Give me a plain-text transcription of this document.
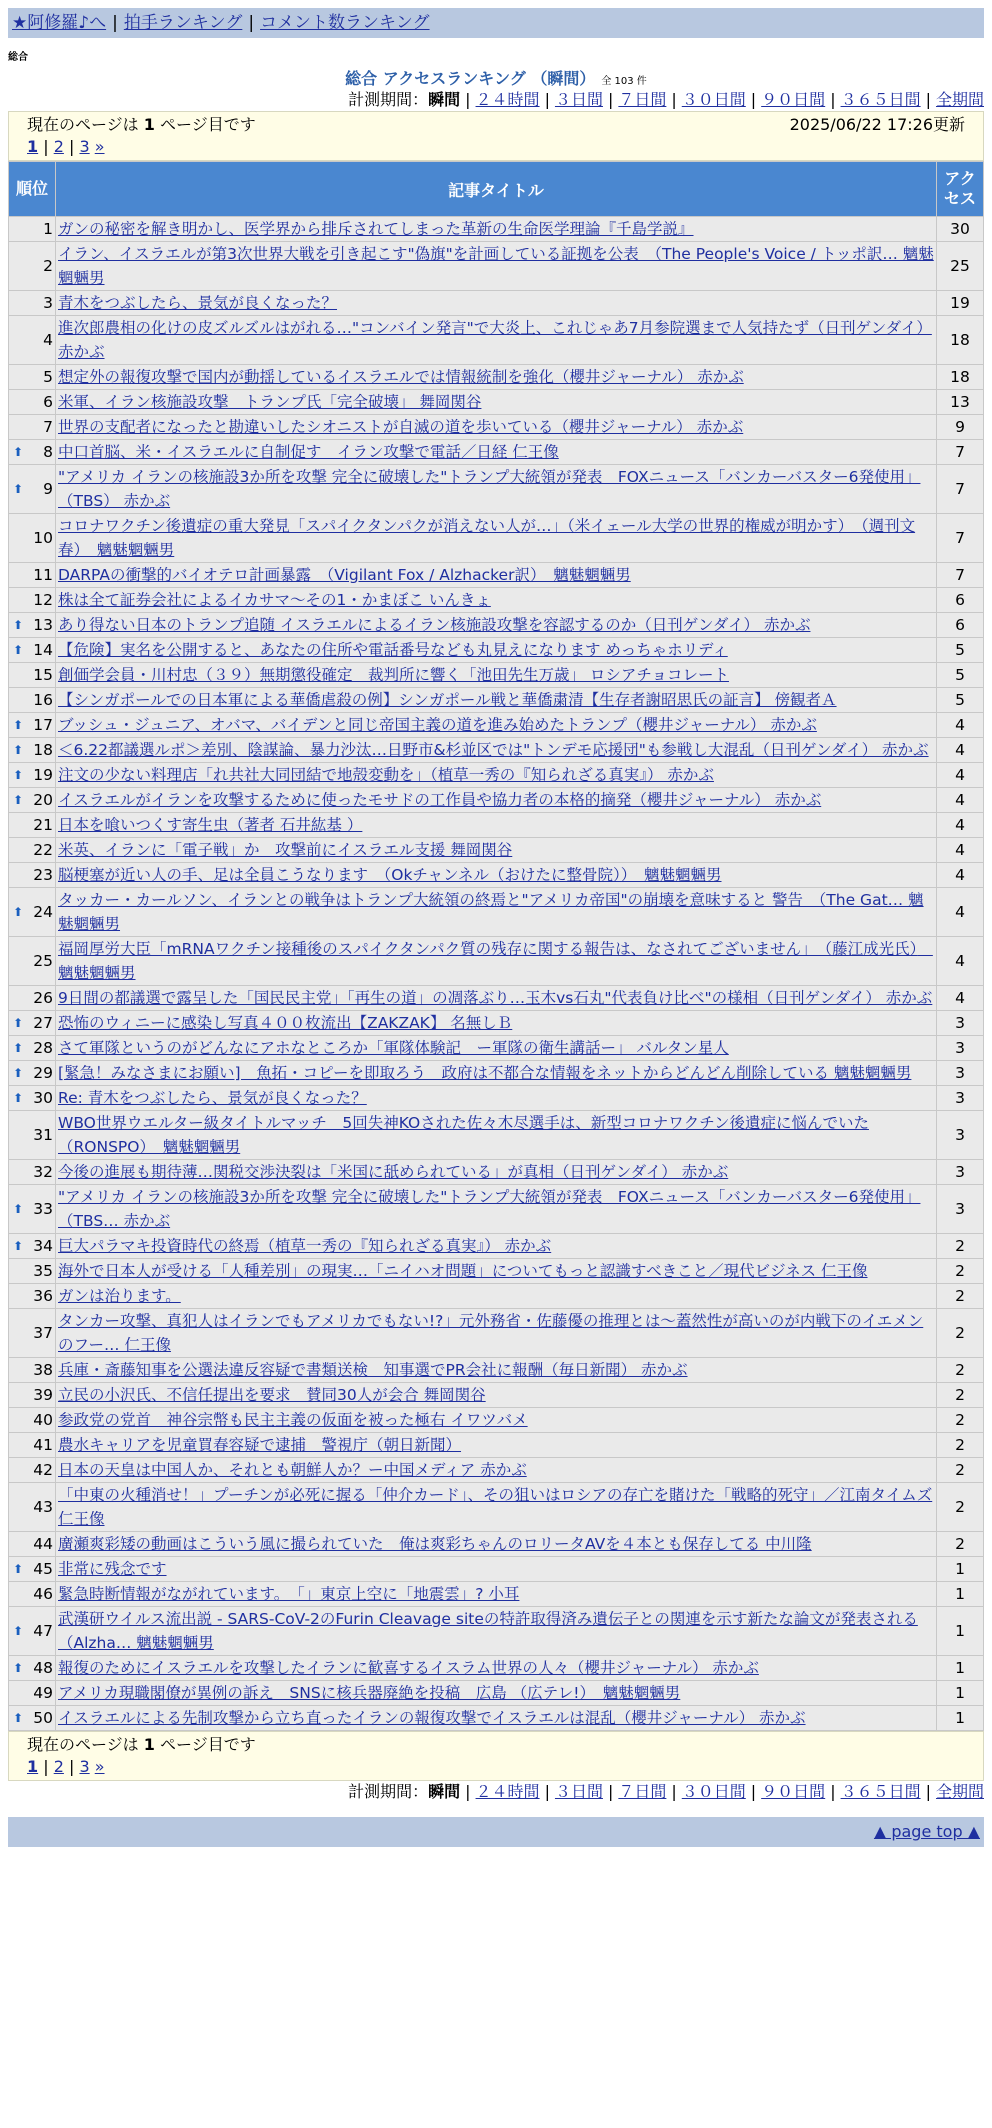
★阿修羅♪へ | 拍手ランキング | コメント数ランキング
総合
総合 アクセスランキング （瞬間） 全 103 件
計測期間：瞬間 | ２４時間 | ３日間 | ７日間 | ３０日間 | ９０日間 | ３６５日間 | 全期間
現在のページは 1 ページ目です	2025/06/22 17:26更新
1 | 2 | 3 »
順位	記事タイトル	アクセス
1	ガンの秘密を解き明かし、医学界から排斥されてしまった革新の生命医学理論『千島学説』	30
2	イラン、イスラエルが第3次世界大戦を引き起こす"偽旗"を計画している証拠を公表　（The People's Voice / トッポ訳… 魑魅魍魎男	25
3	青木をつぶしたら、景気が良くなった？	19
4	進次郎農相の化けの皮ズルズルはがれる…"コンバイン発言"で大炎上、これじゃあ7月参院選まで人気持たず（日刊ゲンダイ） 赤かぶ	18
5	想定外の報復攻撃で国内が動揺しているイスラエルでは情報統制を強化（櫻井ジャーナル） 赤かぶ	18
6	米軍、イラン核施設攻撃　トランプ氏「完全破壊」 舞岡関谷	13
7	世界の支配者になったと勘違いしたシオニストが自滅の道を歩いている（櫻井ジャーナル） 赤かぶ	9

⬆ 8	中口首脳、米・イスラエルに自制促す　イラン攻撃で電話／日経 仁王像	7

⬆ 9	"アメリカ イランの核施設3か所を攻撃 完全に破壊した"トランプ大統領が発表　FOXニュース「バンカーバスター6発使用」（TBS） 赤かぶ	7
10	コロナワクチン後遺症の重大発見「スパイクタンパクが消えない人が…」（米イェール大学の世界的権威が明かす）　（週刊文春）　魑魅魍魎男	7
11	DARPAの衝撃的バイオテロ計画暴露　（Vigilant Fox / Alzhacker訳）　魑魅魍魎男	7
12	株は全て証券会社によるイカサマ～その1・かまぼこ いんきょ	6

⬆ 13	あり得ない日本のトランプ追随 イスラエルによるイラン核施設攻撃を容認するのか（日刊ゲンダイ） 赤かぶ	6

⬆ 14	【危険】実名を公開すると、あなたの住所や電話番号なども丸見えになります めっちゃホリディ	5
15	創価学会員・川村忠（３９）無期懲役確定　裁判所に響く「池田先生万歳」 ロシアチョコレート	5
16	【シンガポールでの日本軍による華僑虐殺の例】シンガポール戦と華僑粛清【生存者謝昭思氏の証言】 傍観者Ａ	5

⬆ 17	ブッシュ・ジュニア、オバマ、バイデンと同じ帝国主義の道を進み始めたトランプ（櫻井ジャーナル） 赤かぶ	4

⬆ 18	＜6.22都議選ルポ＞差別、陰謀論、暴力沙汰…日野市&杉並区では"トンデモ応援団"も参戦し大混乱（日刊ゲンダイ） 赤かぶ	4

⬆ 19	注文の少ない料理店「れ共社大同団結で地殻変動を」（植草一秀の『知られざる真実』） 赤かぶ	4

⬆ 20	イスラエルがイランを攻撃するために使ったモサドの工作員や協力者の本格的摘発（櫻井ジャーナル） 赤かぶ	4
21	日本を喰いつくす寄生虫（著者 石井紘基 ）	4
22	米英、イランに「電子戦」か　攻撃前にイスラエル支援 舞岡関谷	4
23	脳梗塞が近い人の手、足は全員こうなります　（Okチャンネル（おけたに整骨院））　魑魅魍魎男	4

⬆ 24	タッカー・カールソン、イランとの戦争はトランプ大統領の終焉と"アメリカ帝国"の崩壊を意味すると 警告　（The Gat… 魑魅魍魎男	4
25	福岡厚労大臣「mRNAワクチン接種後のスパイクタンパク質の残存に関する報告は、なされてございません」　（藤江成光氏）　魑魅魍魎男	4
26	9日間の都議選で露呈した「国民民主党」「再生の道」の凋落ぶり…玉木vs石丸"代表負け比べ"の様相（日刊ゲンダイ） 赤かぶ	4

⬆ 27	恐怖のウィニーに感染し写真４００枚流出【ZAKZAK】 名無しＢ	3

⬆ 28	さて軍隊というのがどんなにアホなところか「軍隊体験記　ー軍隊の衛生講話ー」 バルタン星人	3

⬆ 29	[緊急！みなさまにお願い]　魚拓・コピーを即取ろう　政府は不都合な情報をネットからどんどん削除している 魑魅魍魎男	3

⬆ 30	Re: 青木をつぶしたら、景気が良くなった？	3
31	WBO世界ウエルター級タイトルマッチ　5回失神KOされた佐々木尽選手は、新型コロナワクチン後遺症に悩んでいた（RONSPO）　魑魅魍魎男	3
32	今後の進展も期待薄…関税交渉決裂は「米国に舐められている」が真相（日刊ゲンダイ） 赤かぶ	3

⬆ 33	"アメリカ イランの核施設3か所を攻撃 完全に破壊した"トランプ大統領が発表　FOXニュース「バンカーバスター6発使用」（TBS… 赤かぶ	3

⬆ 34	巨大パラマキ投資時代の終焉（植草一秀の『知られざる真実』） 赤かぶ	2
35	海外で日本人が受ける「人種差別」の現実…「ニイハオ問題」についてもっと認識すべきこと／現代ビジネス 仁王像	2
36	ガンは治ります。	2
37	タンカー攻撃、真犯人はイランでもアメリカでもない!?」元外務省・佐藤優の推理とは～蓋然性が高いのが内戦下のイエメンのフー… 仁王像	2
38	兵庫・斎藤知事を公選法違反容疑で書類送検　知事選でPR会社に報酬（毎日新聞） 赤かぶ	2
39	立民の小沢氏、不信任提出を要求　賛同30人が会合 舞岡関谷	2
40	参政党の党首　神谷宗幣も民主主義の仮面を被った極右 イワツバメ	2
41	農水キャリアを児童買春容疑で逮捕　警視庁（朝日新聞）	2
42	日本の天皇は中国人か、それとも朝鮮人か？ー中国メディア 赤かぶ	2
43	「中東の火種消せ！」プーチンが必死に握る「仲介カード」、その狙いはロシアの存亡を賭けた「戦略的死守」／江南タイムズ 仁王像	2
44	廣瀬爽彩矮の動画はこういう風に撮られていた　俺は爽彩ちゃんのロリータAVを４本とも保存してる 中川隆	2

⬆ 45	非常に残念です	1
46	緊急時断情報がながれています。　「」東京上空に「地震雲」? 小耳	1

⬆ 47	武漢研ウイルス流出説 - SARS-CoV-2のFurin Cleavage siteの特許取得済み遺伝子との関連を示す新たな論文が発表される（Alzha… 魑魅魍魎男	1

⬆ 48	報復のためにイスラエルを攻撃したイランに歓喜するイスラム世界の人々（櫻井ジャーナル） 赤かぶ	1
49	アメリカ現職閣僚が異例の訴え　SNSに核兵器廃絶を投稿　広島 （広テレ!）　魑魅魍魎男	1

⬆ 50	イスラエルによる先制攻撃から立ち直ったイランの報復攻撃でイスラエルは混乱（櫻井ジャーナル） 赤かぶ	1
現在のページは 1 ページ目です
1 | 2 | 3 »
計測期間：瞬間 | ２４時間 | ３日間 | ７日間 | ３０日間 | ９０日間 | ３６５日間 | 全期間
▲ page top ▲
